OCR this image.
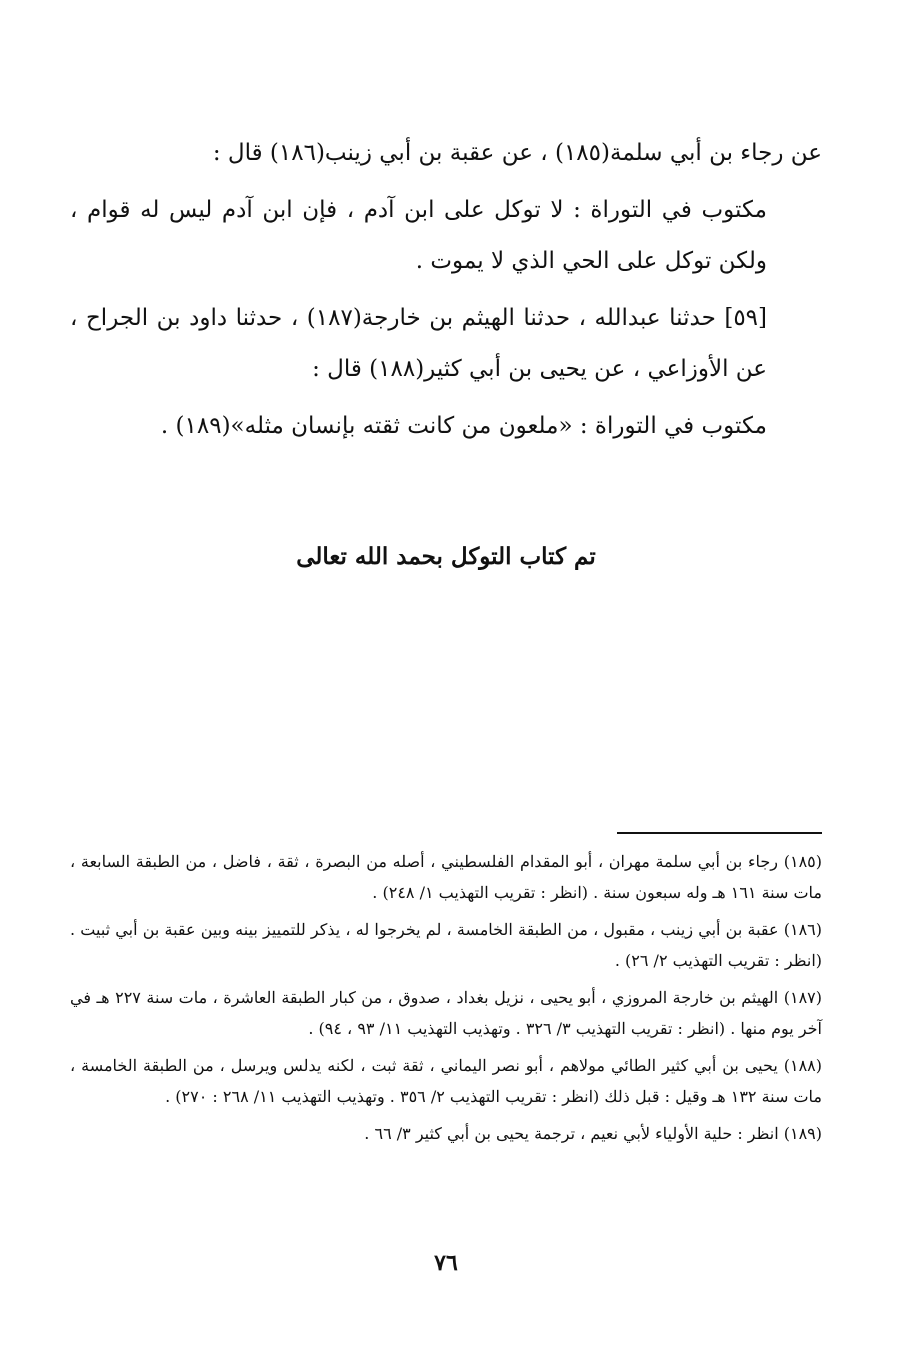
عن رجاء بن أبي سلمة(١٨٥) ، عن عقبة بن أبي زينب(١٨٦) قال :

مكتوب في التوراة : لا توكل على ابن آدم ، فإن ابن آدم ليس له قوام ، ولكن توكل على الحي الذي لا يموت .

[٥٩] حدثنا عبدالله ، حدثنا الهيثم بن خارجة(١٨٧) ، حدثنا داود بن الجراح ، عن الأوزاعي ، عن يحيى بن أبي كثير(١٨٨) قال :

مكتوب في التوراة : «ملعون من كانت ثقته بإنسان مثله»(١٨٩) .

تم كتاب التوكل بحمد الله تعالى

(١٨٥) رجاء بن أبي سلمة مهران ، أبو المقدام الفلسطيني ، أصله من البصرة ، ثقة ، فاضل ، من الطبقة السابعة ، مات سنة ١٦١ هـ وله سبعون سنة . (انظر : تقريب التهذيب ١/ ٢٤٨) .

(١٨٦) عقبة بن أبي زينب ، مقبول ، من الطبقة الخامسة ، لم يخرجوا له ، يذكر للتمييز بينه وبين عقبة بن أبي ثبيت . (انظر : تقريب التهذيب ٢/ ٢٦) .

(١٨٧) الهيثم بن خارجة المروزي ، أبو يحيى ، نزيل بغداد ، صدوق ، من كبار الطبقة العاشرة ، مات سنة ٢٢٧ هـ في آخر يوم منها . (انظر : تقريب التهذيب ٣/ ٣٢٦ . وتهذيب التهذيب ١١/ ٩٣ ، ٩٤) .

(١٨٨) يحيى بن أبي كثير الطائي مولاهم ، أبو نصر اليماني ، ثقة ثبت ، لكنه يدلس ويرسل ، من الطبقة الخامسة ، مات سنة ١٣٢ هـ وقيل : قبل ذلك (انظر : تقريب التهذيب ٢/ ٣٥٦ . وتهذيب التهذيب ١١/ ٢٦٨ : ٢٧٠) .

(١٨٩) انظر : حلية الأولياء لأبي نعيم ، ترجمة يحيى بن أبي كثير ٣/ ٦٦ .

٧٦
